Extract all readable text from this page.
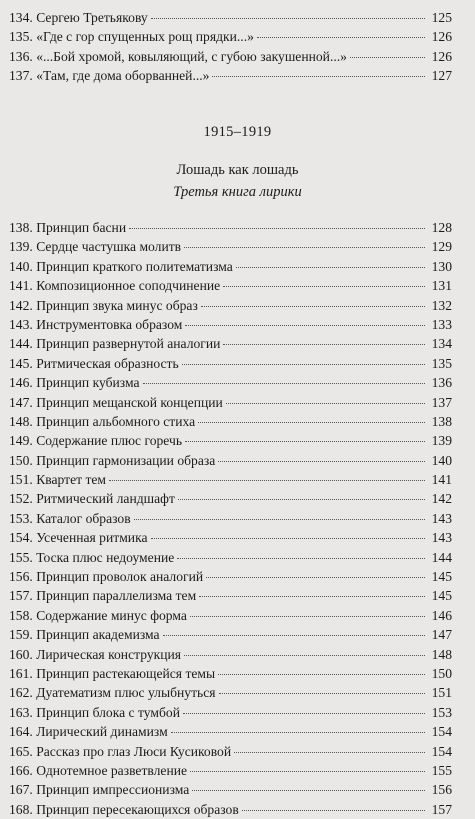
134. Сергею Третьякову	125
135. «Где с гор спущенных рощ прядки...»	126
136. «...Бой хромой, ковыляющий, с губою закушенной...»	126
137. «Там, где дома оборванней...»	127
1915–1919
Лошадь как лошадь
Третья книга лирики
138. Принцип басни	128
139. Сердце частушка молитв	129
140. Принцип краткого политематизма	130
141. Композиционное соподчинение	131
142. Принцип звука минус образ	132
143. Инструментовка образом	133
144. Принцип развернутой аналогии	134
145. Ритмическая образность	135
146. Принцип кубизма	136
147. Принцип мещанской концепции	137
148. Принцип альбомного стиха	138
149. Содержание плюс горечь	139
150. Принцип гармонизации образа	140
151. Квартет тем	141
152. Ритмический ландшафт	142
153. Каталог образов	143
154. Усеченная ритмика	143
155. Тоска плюс недоумение	144
156. Принцип проволок аналогий	145
157. Принцип параллелизма тем	145
158. Содержание минус форма	146
159. Принцип академизма	147
160. Лирическая конструкция	148
161. Принцип растекающейся темы	150
162. Дуатематизм плюс улыбнуться	151
163. Принцип блока с тумбой	153
164. Лирический динамизм	154
165. Рассказ про глаз Люси Кусиковой	154
166. Однотемное разветвление	155
167. Принцип импрессионизма	156
168. Принцип пересекающихся образов	157
